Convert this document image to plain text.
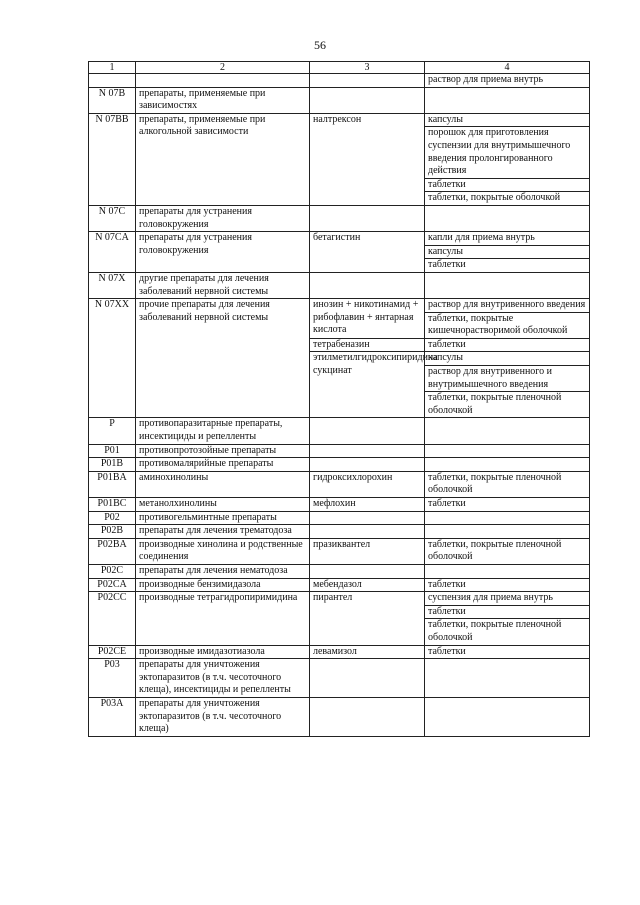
56
1	2	3	4

			раствор для приема внутрь

N 07B	препараты, применяемые при зависимостях		

N 07BB	препараты, применяемые при алкогольной зависимости	налтрексон	капсулы
порошок для приготовления суспензии для внутримышечного введения пролонгированного действия
таблетки
таблетки, покрытые оболочкой

N 07C	препараты для устранения головокружения		

N 07CA	препараты для устранения головокружения	бетагистин	капли для приема внутрь
капсулы
таблетки

N 07X	другие препараты для лечения заболеваний нервной системы		

N 07XX	прочие препараты для лечения заболеваний нервной системы	инозин + никотинамид + рибофлавин + янтарная кислота	раствор для внутривенного введения
таблетки, покрытые кишечнорастворимой оболочкой

		тетрабеназин	таблетки

		этилметилгидроксипиридина сукцинат	капсулы
раствор для внутривенного и внутримышечного введения
таблетки, покрытые пленочной оболочкой

P	противопаразитарные препараты, инсектициды и репелленты		

P01	противопротозойные препараты		

P01B	противомалярийные препараты		

P01BA	аминохинолины	гидроксихлорохин	таблетки, покрытые пленочной оболочкой

P01BC	метанолхинолины	мефлохин	таблетки

P02	противогельминтные препараты		

P02B	препараты для лечения трематодоза		

P02BA	производные хинолина и родственные соединения	празиквантел	таблетки, покрытые пленочной оболочкой

P02C	препараты для лечения нематодоза		

P02CA	производные бензимидазола	мебендазол	таблетки

P02CC	производные тетрагидропиримидина	пирантел	суспензия для приема внутрь
таблетки
таблетки, покрытые пленочной оболочкой

P02CE	производные имидазотиазола	левамизол	таблетки

P03	препараты для уничтожения эктопаразитов (в т.ч. чесоточного клеща), инсектициды и репелленты		

P03A	препараты для уничтожения эктопаразитов (в т.ч. чесоточного клеща)		
